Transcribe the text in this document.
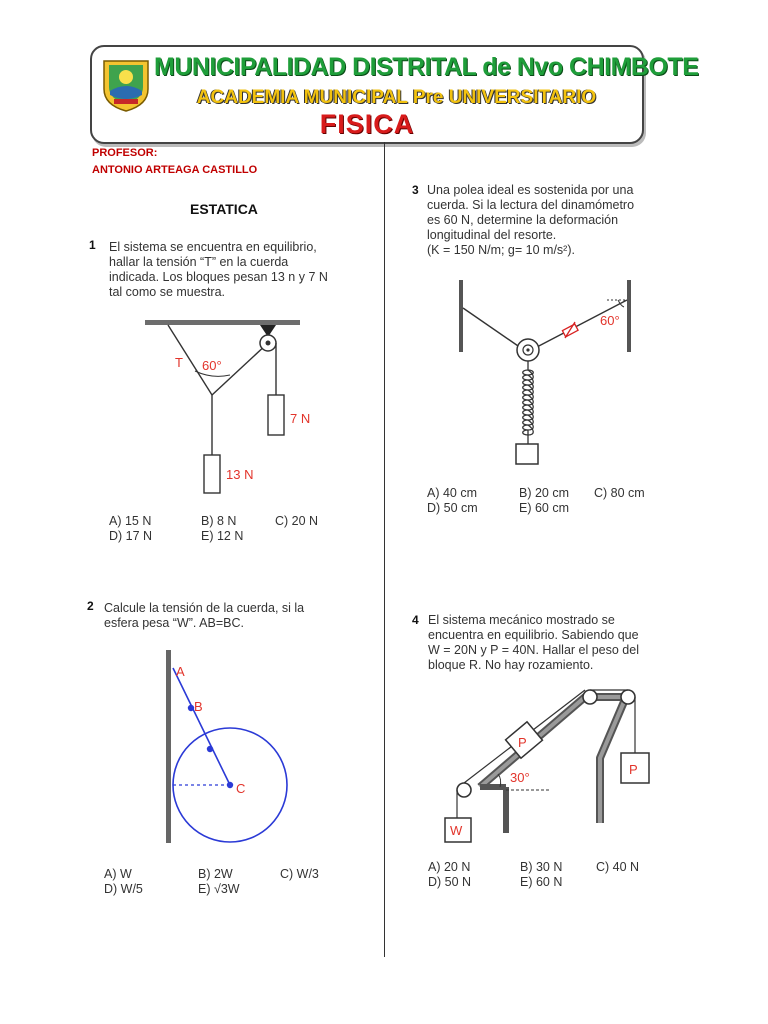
MUNICIPALIDAD DISTRITAL de Nvo CHIMBOTE
ACADEMIA MUNICIPAL Pre UNIVERSITARIO
FISICA
PROFESOR:
ANTONIO ARTEAGA CASTILLO
ESTATICA
1 El sistema se encuentra en equilibrio,
hallar la tensión “T” en la cuerda
indicada. Los bloques pesan 13 n y 7 N
tal como se muestra.
T 60°
7 N
13 N
A) 15 N	B) 8 N	C) 20 N
D) 17 N	E) 12 N
2 Calcule la tensión de la cuerda, si la
esfera pesa “W”. AB=BC.
A
B
C
A) W	B) 2W	C) W/3
D) W/5	E) √3W
3 Una polea ideal es sostenida por una
cuerda. Si la lectura del dinamómetro
es 60 N, determine la deformación
longitudinal del resorte.
(K = 150 N/m; g= 10 m/s²).
60°
A) 40 cm	B) 20 cm C) 80 cm
D) 50 cm	E) 60 cm
4 El sistema mecánico mostrado se
encuentra en equilibrio. Sabiendo que
W = 20N y P = 40N. Hallar el peso del
bloque R. No hay rozamiento.
P
W
P
30°
A) 20 N	B) 30 N	C) 40 N
D) 50 N	E) 60 N
